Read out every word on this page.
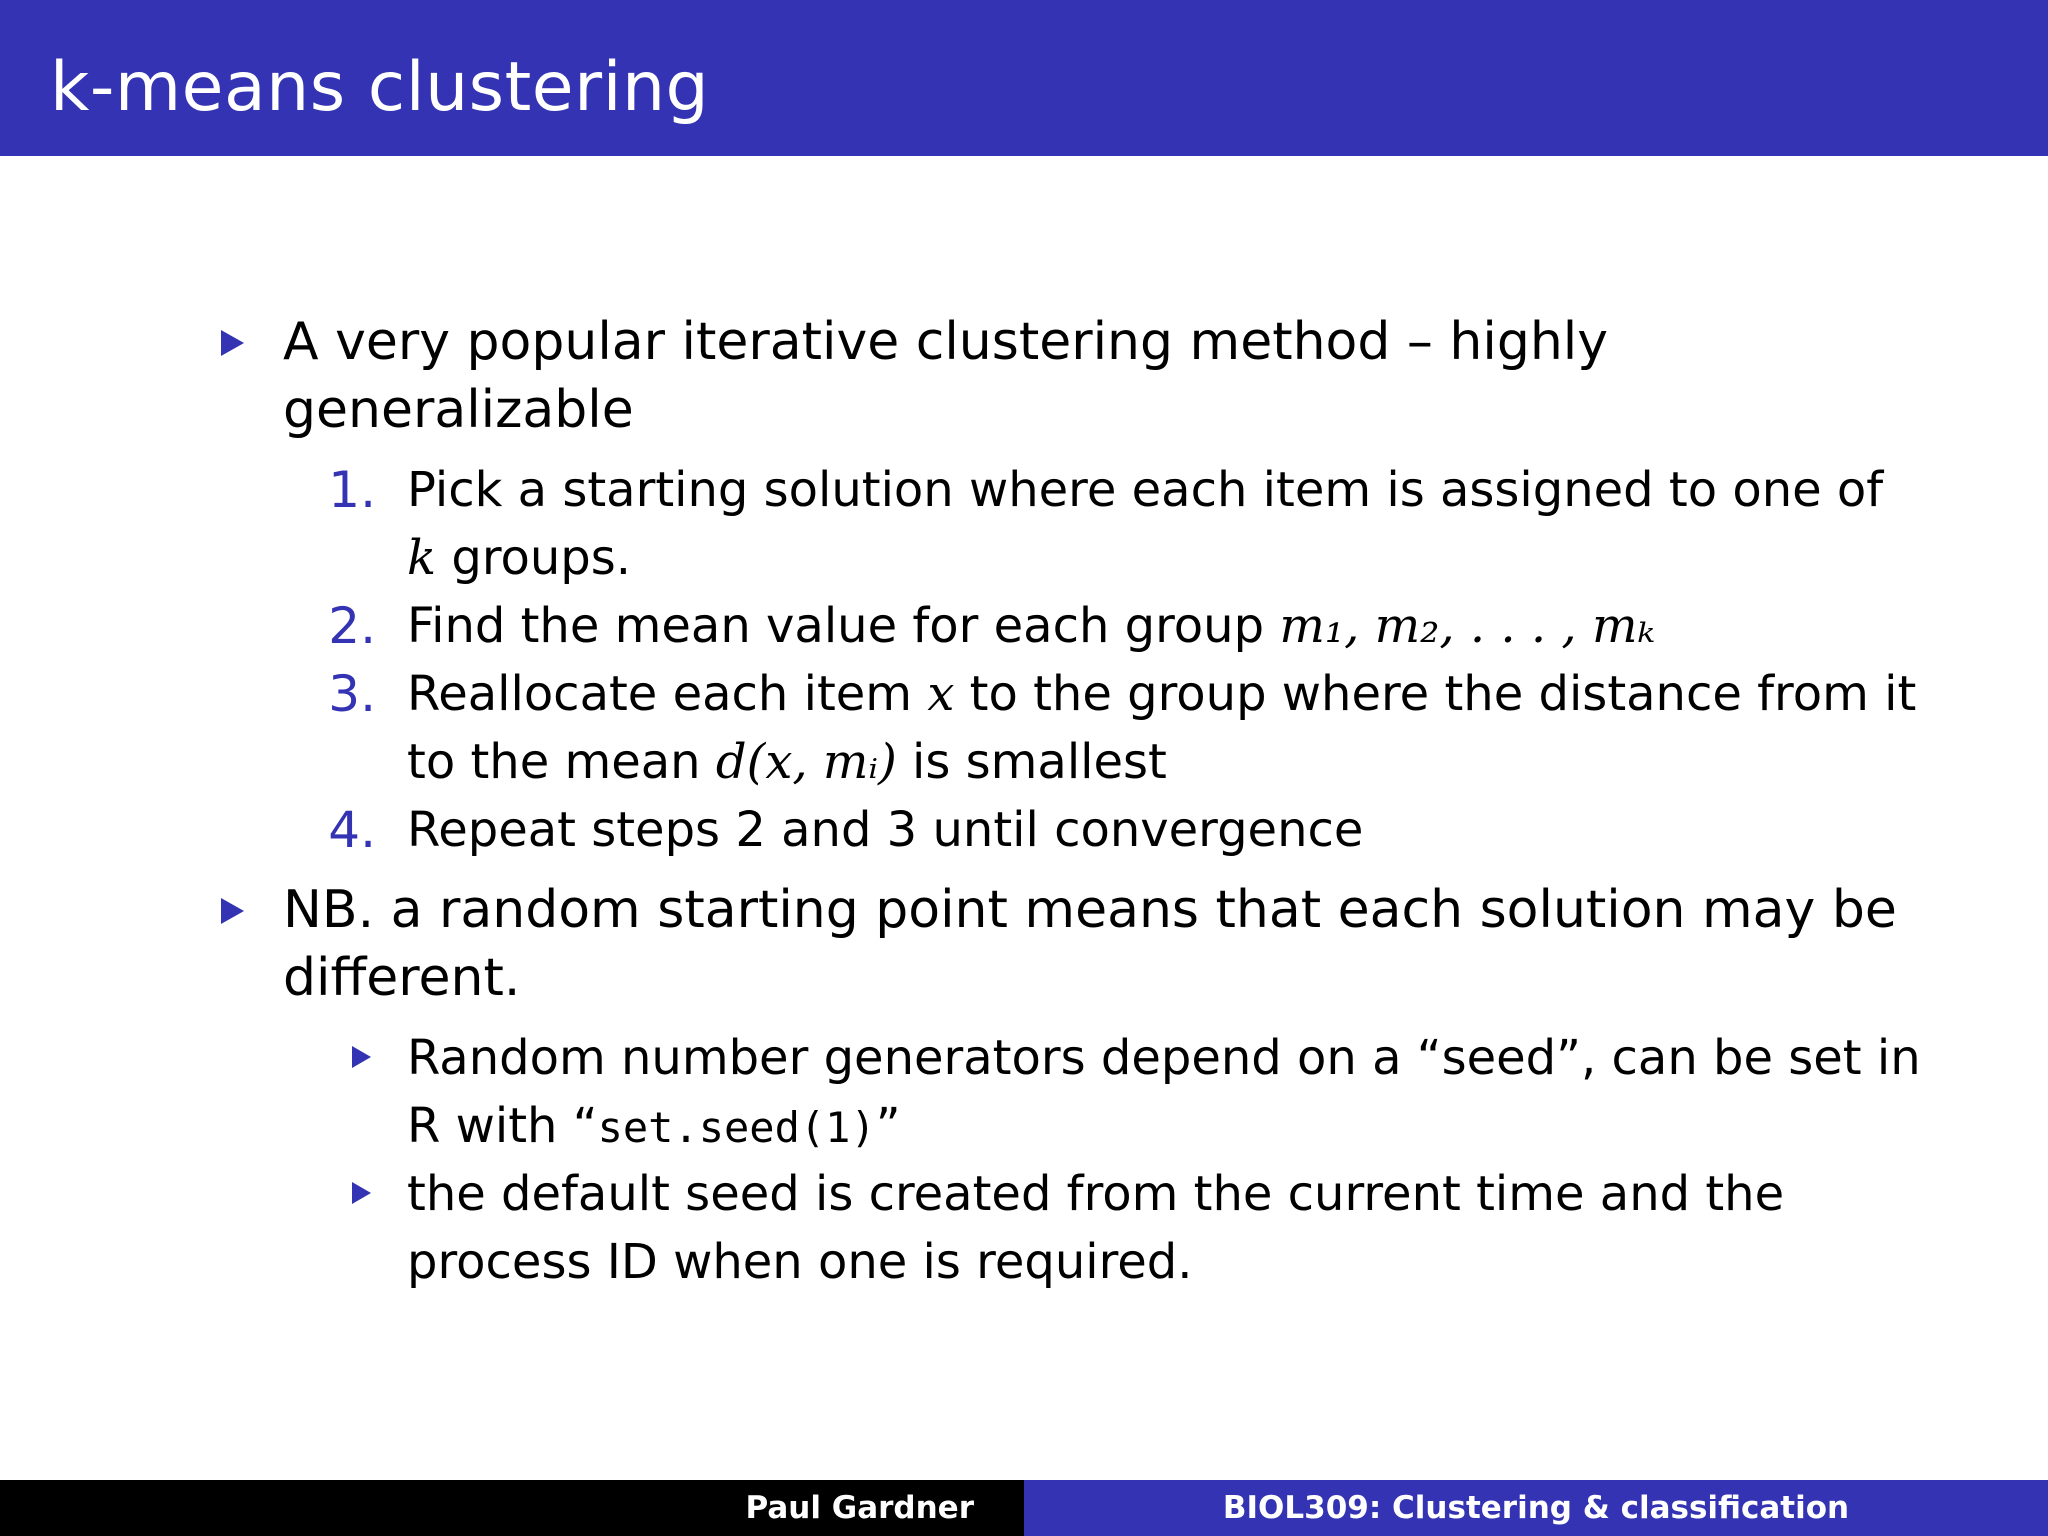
k-means clustering
A very popular iterative clustering method – highly
generalizable
1. Pick a starting solution where each item is assigned to one of
k groups.
2. Find the mean value for each group m₁, m₂, . . . , mₖ
3. Reallocate each item x to the group where the distance from it
to the mean d(x, mᵢ) is smallest
4. Repeat steps 2 and 3 until convergence
NB. a random starting point means that each solution may be
different.
Random number generators depend on a “seed”, can be set in
R with “set.seed(1)”
the default seed is created from the current time and the
process ID when one is required.
Paul Gardner	BIOL309: Clustering & classification
